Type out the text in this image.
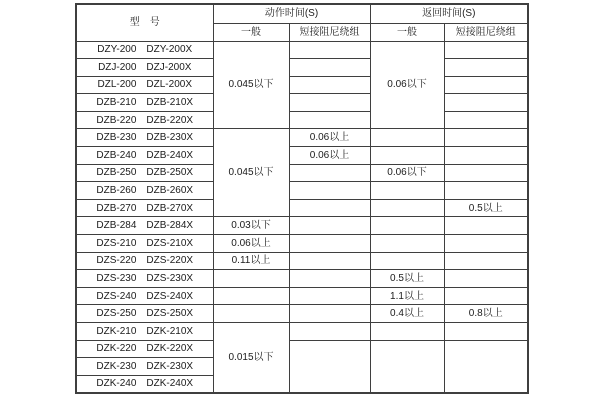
型　号	动作时间(S)		返回时间(S)	
	一般	短接阻尼绕组	一般	短接阻尼绕组
DZY-200 DZY-200X	0.045以下		0.06以下	
DZJ-200 DZJ-200X				
DZL-200 DZL-200X				
DZB-210 DZB-210X				
DZB-220 DZB-220X				
DZB-230 DZB-230X	0.045以下	0.06以上		
DZB-240 DZB-240X		0.06以上		
DZB-250 DZB-250X			0.06以下	
DZB-260 DZB-260X				
DZB-270 DZB-270X				0.5以上
DZB-284 DZB-284X	0.03以下			
DZS-210 DZS-210X	0.06以上			
DZS-220 DZS-220X	0.11以上			
DZS-230 DZS-230X			0.5以上	
DZS-240 DZS-240X			1.1以上	
DZS-250 DZS-250X			0.4以上	0.8以上
DZK-210 DZK-210X	0.015以下			
DZK-220 DZK-220X				
DZK-230 DZK-230X				
DZK-240 DZK-240X				
